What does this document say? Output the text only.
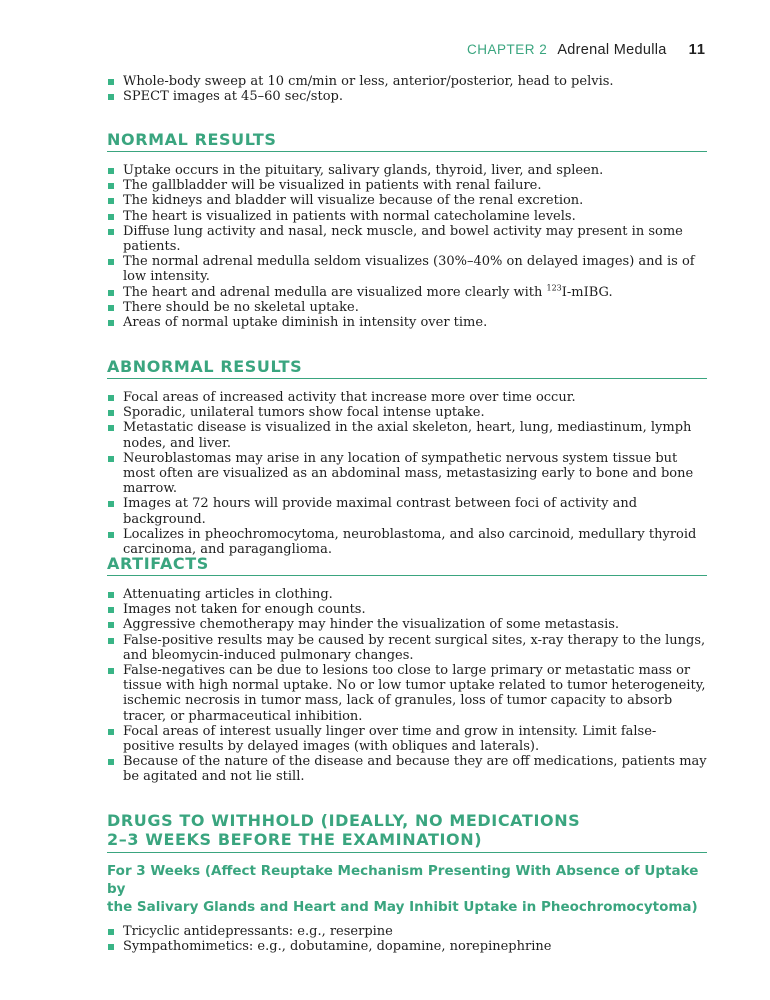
CHAPTER 2 Adrenal Medulla 11
Whole-body sweep at 10 cm/min or less, anterior/posterior, head to pelvis.
SPECT images at 45–60 sec/stop.
NORMAL RESULTS
Uptake occurs in the pituitary, salivary glands, thyroid, liver, and spleen.
The gallbladder will be visualized in patients with renal failure.
The kidneys and bladder will visualize because of the renal excretion.
The heart is visualized in patients with normal catecholamine levels.
Diffuse lung activity and nasal, neck muscle, and bowel activity may present in some patients.
The normal adrenal medulla seldom visualizes (30%–40% on delayed images) and is of low intensity.
The heart and adrenal medulla are visualized more clearly with $^{123}$I-mIBG.
There should be no skeletal uptake.
Areas of normal uptake diminish in intensity over time.
ABNORMAL RESULTS
Focal areas of increased activity that increase more over time occur.
Sporadic, unilateral tumors show focal intense uptake.
Metastatic disease is visualized in the axial skeleton, heart, lung, mediastinum, lymph nodes, and liver.
Neuroblastomas may arise in any location of sympathetic nervous system tissue but most often are visualized as an abdominal mass, metastasizing early to bone and bone marrow.
Images at 72 hours will provide maximal contrast between foci of activity and background.
Localizes in pheochromocytoma, neuroblastoma, and also carcinoid, medullary thyroid carcinoma, and paraganglioma.
ARTIFACTS
Attenuating articles in clothing.
Images not taken for enough counts.
Aggressive chemotherapy may hinder the visualization of some metastasis.
False-positive results may be caused by recent surgical sites, x-ray therapy to the lungs, and bleomycin-induced pulmonary changes.
False-negatives can be due to lesions too close to large primary or metastatic mass or tissue with high normal uptake. No or low tumor uptake related to tumor heterogeneity, ischemic necrosis in tumor mass, lack of granules, loss of tumor capacity to absorb tracer, or pharmaceutical inhibition.
Focal areas of interest usually linger over time and grow in intensity. Limit false-positive results by delayed images (with obliques and laterals).
Because of the nature of the disease and because they are off medications, patients may be agitated and not lie still.
DRUGS TO WITHHOLD (IDEALLY, NO MEDICATIONS
2–3 WEEKS BEFORE THE EXAMINATION)
For 3 Weeks (Affect Reuptake Mechanism Presenting With Absence of Uptake by
the Salivary Glands and Heart and May Inhibit Uptake in Pheochromocytoma)
Tricyclic antidepressants: e.g., reserpine
Sympathomimetics: e.g., dobutamine, dopamine, norepinephrine
